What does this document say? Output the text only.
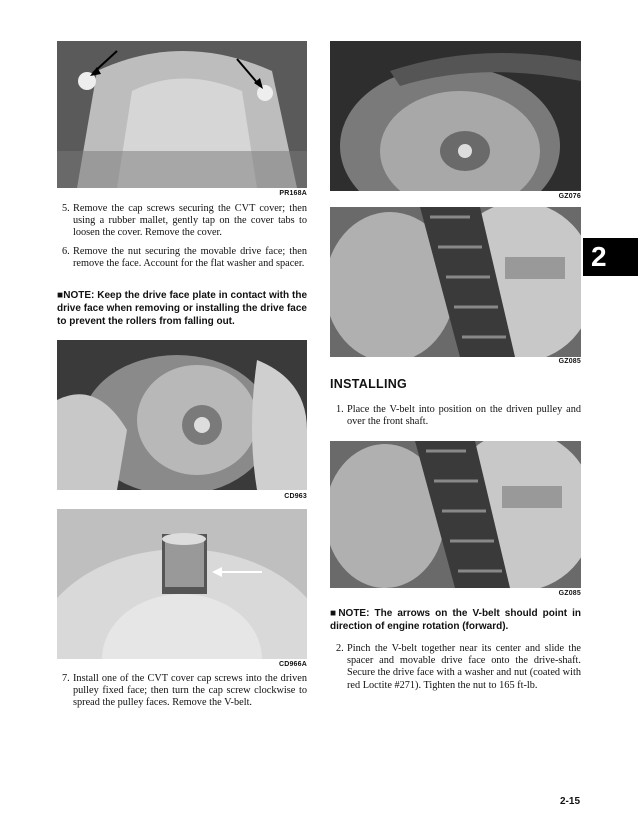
PR168A
5. Remove the cap screws securing the CVT cover; then using a rubber mallet, gently tap on the cover tabs to loosen the cover. Remove the cover.
6. Remove the nut securing the movable drive face; then remove the face. Account for the flat washer and spacer.
■NOTE: Keep the drive face plate in contact with the drive face when removing or installing the drive face to prevent the rollers from falling out.
CD963
CD966A
7. Install one of the CVT cover cap screws into the driven pulley fixed face; then turn the cap screw clockwise to spread the pulley faces. Remove the V-belt.
GZ076
GZ085
INSTALLING
1. Place the V-belt into position on the driven pulley and over the front shaft.
GZ085
■NOTE: The arrows on the V-belt should point in direction of engine rotation (forward).
2. Pinch the V-belt together near its center and slide the spacer and movable drive face onto the drive-shaft. Secure the drive face with a washer and nut (coated with red Loctite #271). Tighten the nut to 165 ft-lb.
2
2-15
